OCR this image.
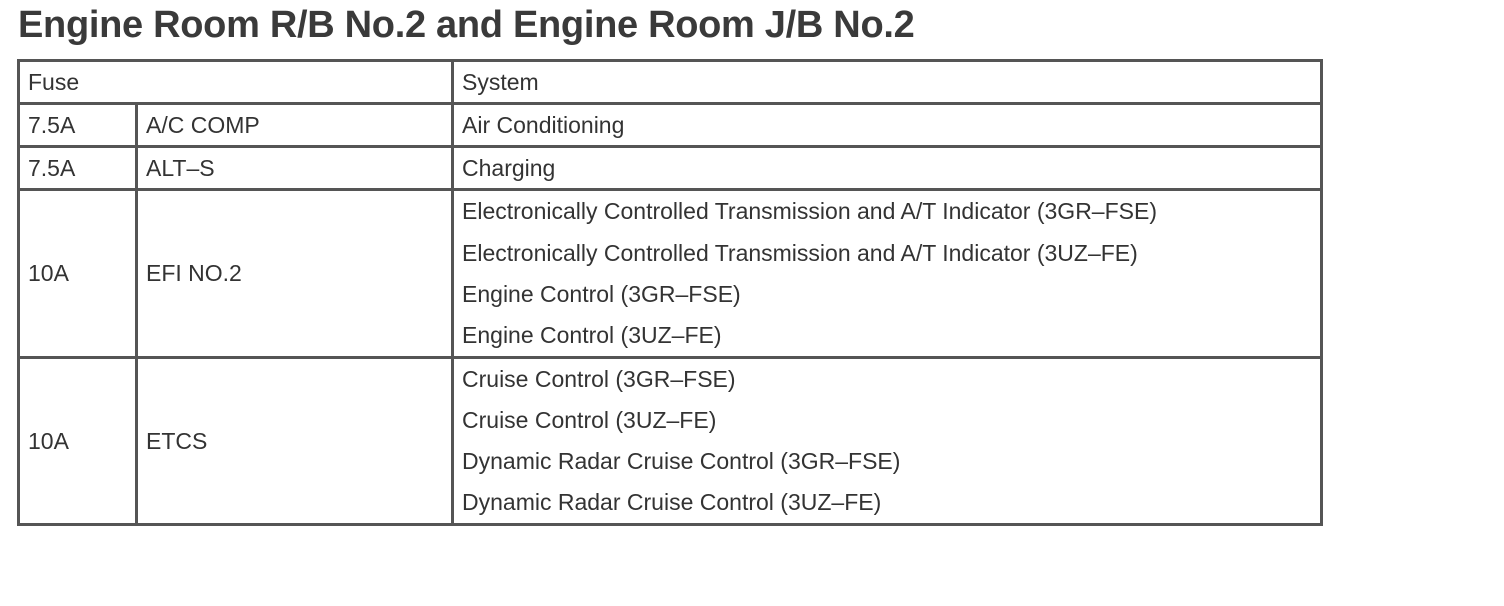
Engine Room R/B No.2 and Engine Room J/B No.2
Fuse		System
7.5A	A/C COMP	Air Conditioning
7.5A	ALT–S	Charging
10A	EFI NO.2	Electronically Controlled Transmission and A/T Indicator (3GR–FSE)
Electronically Controlled Transmission and A/T Indicator (3UZ–FE)
Engine Control (3GR–FSE)
Engine Control (3UZ–FE)

10A	ETCS	Cruise Control (3GR–FSE)
Cruise Control (3UZ–FE)
Dynamic Radar Cruise Control (3GR–FSE)
Dynamic Radar Cruise Control (3UZ–FE)
